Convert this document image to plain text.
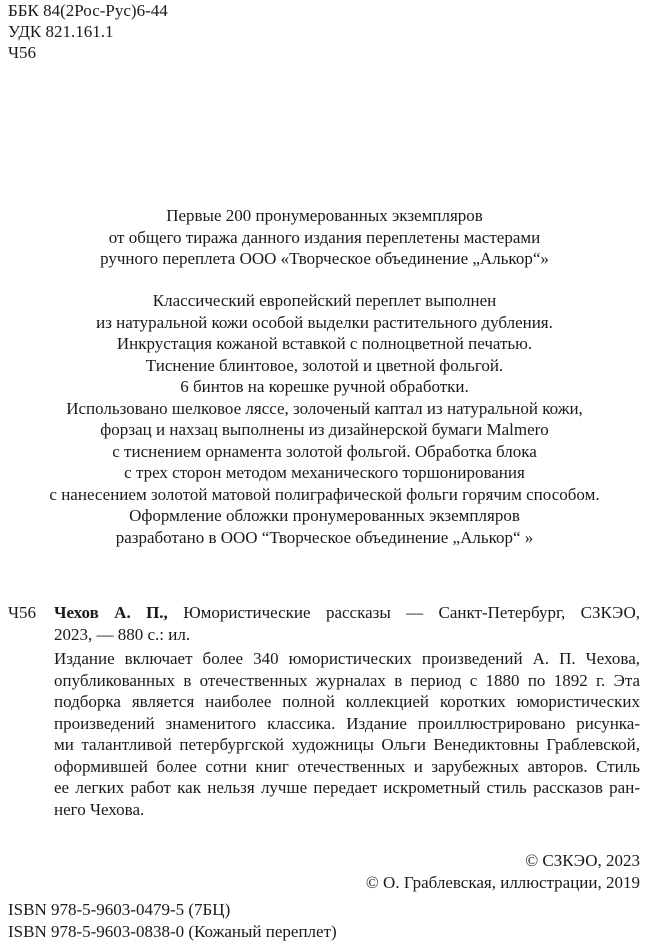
ББК 84(2Рос-Рус)6-44
УДК 821.161.1
Ч56
Первые 200 пронумерованных экземпляров
от общего тиража данного издания переплетены мастерами
ручного переплета ООО «Творческое объединение „Алькор“»
Классический европейский переплет выполнен
из натуральной кожи особой выделки растительного дубления.
Инкрустация кожаной вставкой с полноцветной печатью.
Тиснение блинтовое, золотой и цветной фольгой.
6 бинтов на корешке ручной обработки.
Использовано шелковое ляссе, золоченый каптал из натуральной кожи,
форзац и нахзац выполнены из дизайнерской бумаги Malmero
с тиснением орнамента золотой фольгой. Обработка блока
с трех сторон методом механического торшонирования
с нанесением золотой матовой полиграфической фольги горячим способом.
Оформление обложки пронумерованных экземпляров
разработано в ООО “Творческое объединение „Алькор“ »
Ч56 Чехов А. П., Юмористические рассказы — Санкт-Петербург, СЗКЭО,
2023, — 880 с.: ил.
Издание включает более 340 юмористических произведений А. П. Чехова,
опубликованных в отечественных журналах в период с 1880 по 1892 г. Эта
подборка является наиболее полной коллекцией коротких юмористических
произведений знаменитого классика. Издание проиллюстрировано рисунка-
ми талантливой петербургской художницы Ольги Венедиктовны Граблевской,
оформившей более сотни книг отечественных и зарубежных авторов. Стиль
ее легких работ как нельзя лучше передает искрометный стиль рассказов ран-
него Чехова.
© СЗКЭО, 2023
© О. Граблевская, иллюстрации, 2019
ISBN 978-5-9603-0479-5 (7БЦ)
ISBN 978-5-9603-0838-0 (Кожаный переплет)
